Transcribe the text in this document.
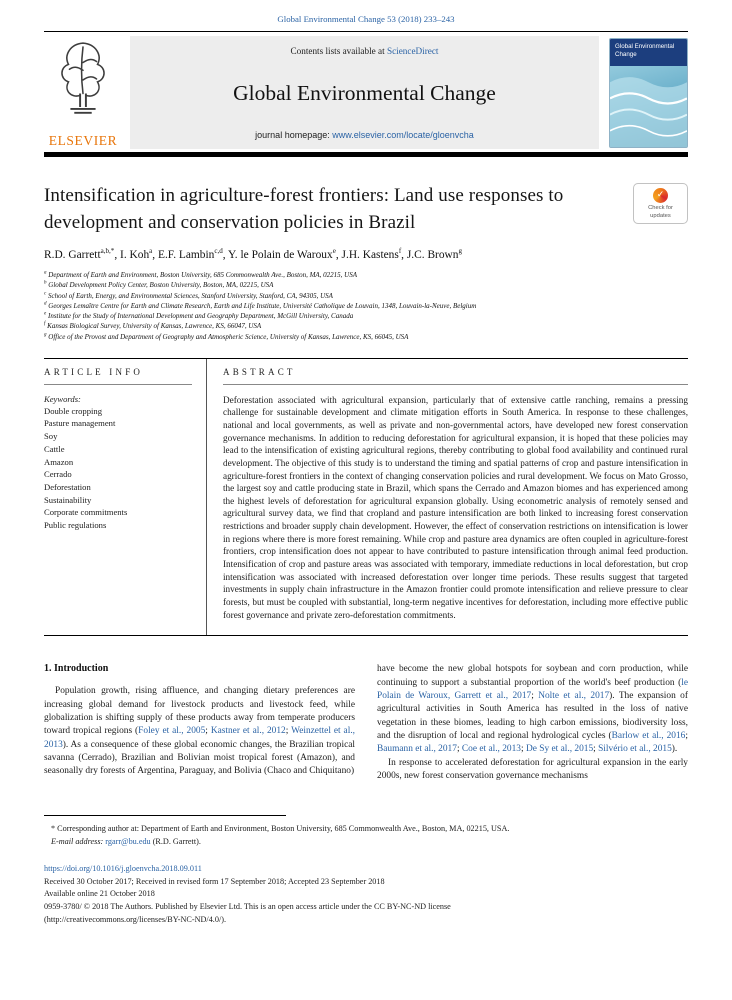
Global Environmental Change 53 (2018) 233–243
ELSEVIER
Contents lists available at ScienceDirect
Global Environmental Change
journal homepage: www.elsevier.com/locate/gloenvcha
Global Environmental Change
Intensification in agriculture-forest frontiers: Land use responses to development and conservation policies in Brazil
✓
Check for
updates
R.D. Garrett$^{a,b,*}$, I. Koh$^a$, E.F. Lambin$^{c,d}$, Y. le Polain de Waroux$^e$, J.H. Kastens$^f$, J.C. Brown$^g$
$^a$ Department of Earth and Environment, Boston University, 685 Commonwealth Ave., Boston, MA, 02215, USA
$^b$ Global Development Policy Center, Boston University, Boston, MA, 02215, USA
$^c$ School of Earth, Energy, and Environmental Sciences, Stanford University, Stanford, CA, 94305, USA
$^d$ Georges Lemaître Centre for Earth and Climate Research, Earth and Life Institute, Université Catholique de Louvain, 1348, Louvain-la-Neuve, Belgium
$^e$ Institute for the Study of International Development and Geography Department, McGill University, Canada
$^f$ Kansas Biological Survey, University of Kansas, Lawrence, KS, 66047, USA
$^g$ Office of the Provost and Department of Geography and Atmospheric Science, University of Kansas, Lawrence, KS, 66045, USA
ARTICLE INFO
Keywords:
Double cropping
Pasture management
Soy
Cattle
Amazon
Cerrado
Deforestation
Sustainability
Corporate commitments
Public regulations
ABSTRACT

Deforestation associated with agricultural expansion, particularly that of extensive cattle ranching, remains a pressing challenge for sustainable development and climate mitigation efforts in South America. In response to these challenges, national and local governments, as well as private and non-governmental actors, have developed new forest conservation governance mechanisms. In addition to reducing deforestation for agricultural expansion, it is hoped that these policies may lead to the intensification of existing agricultural regions, thereby contributing to global food availability and continued rural development. The objective of this study is to understand the timing and spatial patterns of crop and pasture intensification in agriculture-forest frontiers in the context of changing conservation policies and rural development. We focus on Mato Grosso, the largest soy and cattle producing state in Brazil, which spans the Cerrado and Amazon biomes and has experienced among the highest levels of deforestation for agricultural expansion globally. Using econometric analysis of remotely sensed and agricultural survey data, we find that cropland and pasture intensification are both linked to increasing forest conservation restrictions and broader supply chain development. However, the effect of conservation restrictions on intensification is lower in regions where there is more forest remaining. While crop and pasture area dynamics are often coupled in agriculture-forest frontiers, crop intensification does not appear to have contributed to pasture intensification through animal feed production. Intensification of crop and pasture areas was associated with temporary, immediate reductions in local deforestation, but crop intensification was associated with increased deforestation over longer time periods. These results suggest that targeted investments in supply chain infrastructure in the Amazon frontier could promote intensification and relieve pressure to clear forests, but must be coupled with substantial, long-term negative incentives for deforestation, including more effective public forest governance and private zero-deforestation commitments.

1. Introduction

Population growth, rising affluence, and changing dietary preferences are increasing global demand for livestock products and livestock feed, while globalization is shifting supply of these products away from temperate producers toward tropical regions (Foley et al., 2005; Kastner et al., 2012; Weinzettel et al., 2013). As a consequence of these global economic changes, the Brazilian tropical savanna (Cerrado), Brazilian and Bolivian moist tropical forest (Amazon), and seasonally dry forests of Argentina, Paraguay, and Bolivia (Chaco and Chiquitano)

have become the new global hotspots for soybean and corn production, while continuing to support a substantial proportion of the world's beef production (le Polain de Waroux, Garrett et al., 2017; Nolte et al., 2017). The expansion of agricultural activities in South America has resulted in the loss of native vegetation in these biomes, leading to high carbon emissions, biodiversity loss, and the disruption of local and regional hydrological cycles (Barlow et al., 2016; Baumann et al., 2017; Coe et al., 2013; De Sy et al., 2015; Silvério et al., 2015).

In response to accelerated deforestation for agricultural expansion in the early 2000s, new forest conservation governance mechanisms

* Corresponding author at: Department of Earth and Environment, Boston University, 685 Commonwealth Ave., Boston, MA, 02215, USA.

E-mail address: rgarr@bu.edu (R.D. Garrett).

https://doi.org/10.1016/j.gloenvcha.2018.09.011
Received 30 October 2017; Received in revised form 17 September 2018; Accepted 23 September 2018
Available online 21 October 2018
0959-3780/ © 2018 The Authors. Published by Elsevier Ltd. This is an open access article under the CC BY-NC-ND license
(http://creativecommons.org/licenses/BY-NC-ND/4.0/).
